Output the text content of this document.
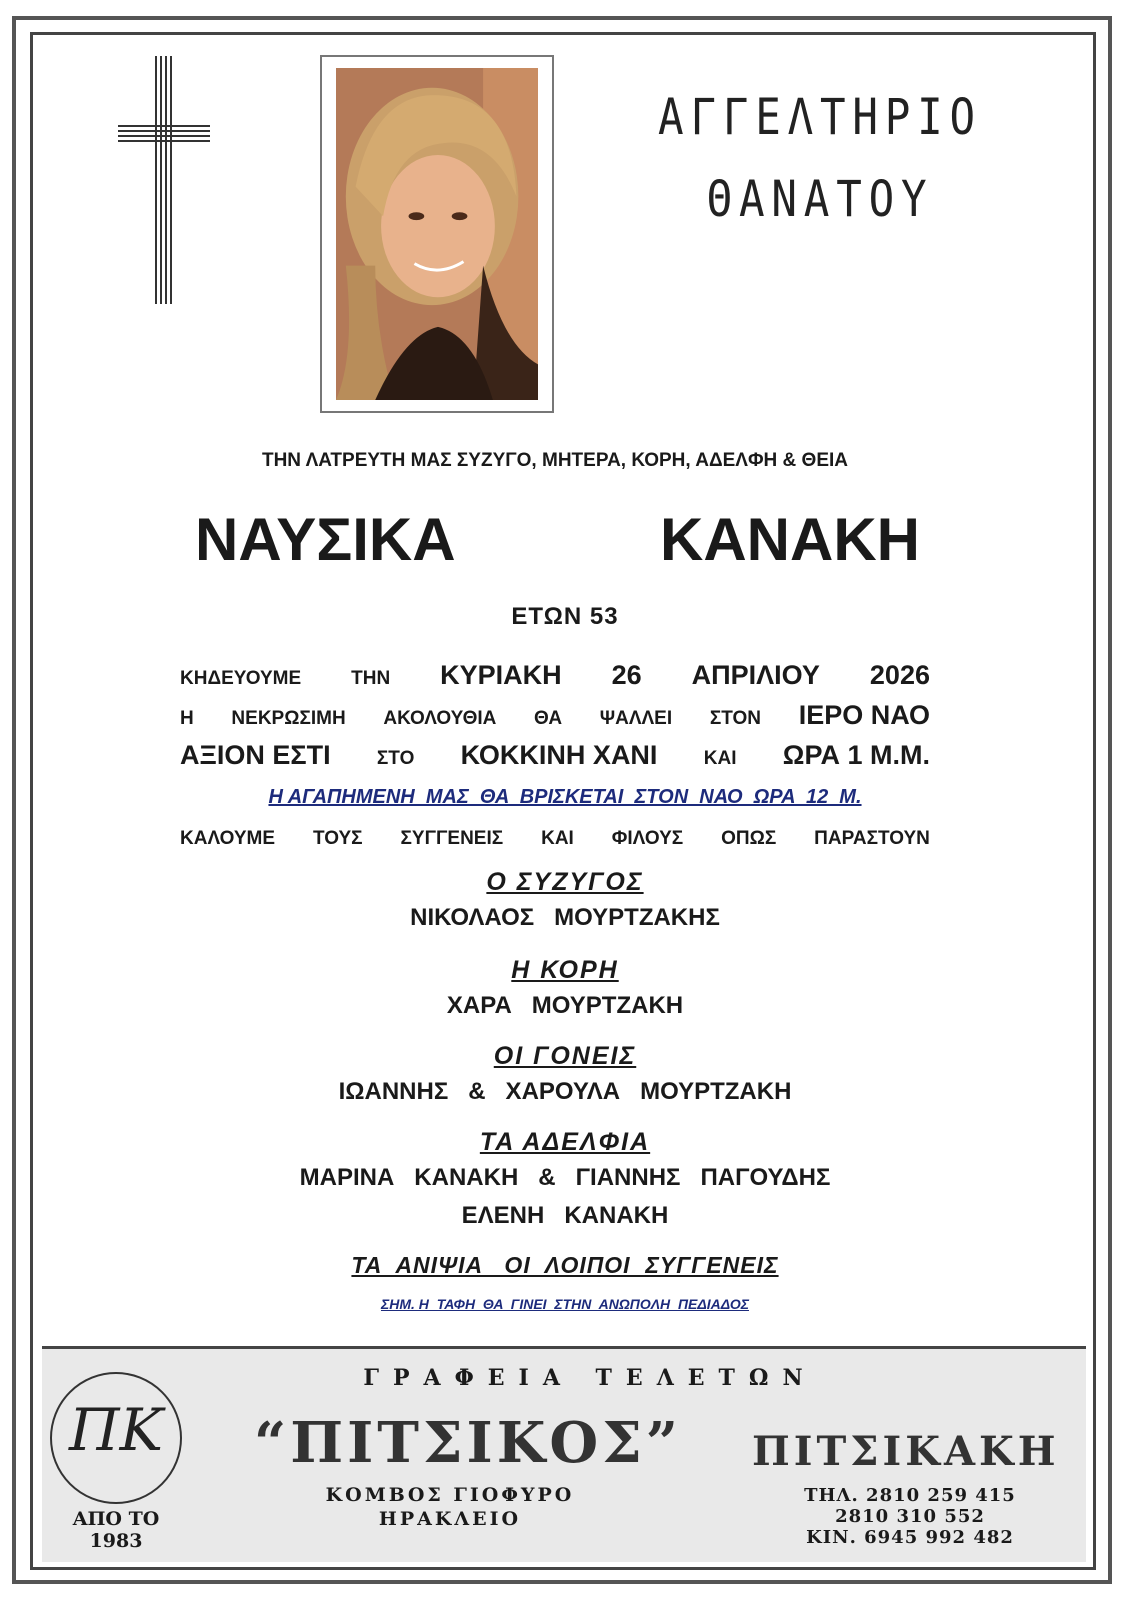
ΑΓΓΕΛΤΗΡΙΟ
ΘΑΝΑΤΟΥ
ΤΗΝ ΛΑΤΡΕΥΤΗ ΜΑΣ ΣΥΖΥΓΟ, ΜΗΤΕΡΑ, ΚΟΡΗ, ΑΔΕΛΦΗ & ΘΕΙΑ
ΝΑΥΣΙΚΑ	ΚΑΝΑΚΗ
ΕΤΩΝ 53
ΚΗΔΕΥΟΥΜΕ	ΤΗΝ ΚΥΡΙΑΚΗ 26 ΑΠΡΙΛΙΟΥ 2026
Η ΝΕΚΡΩΣΙΜΗ ΑΚΟΛΟΥΘΙΑ ΘΑ ΨΑΛΛΕΙ ΣΤΟΝ ΙΕΡΟ ΝΑΟ
ΑΞΙΟΝ ΕΣΤΙ ΣΤΟ ΚΟΚΚΙΝΗ ΧΑΝΙ ΚΑΙ ΩΡΑ 1 Μ.Μ.
Η ΑΓΑΠΗΜΕΝΗ  ΜΑΣ  ΘΑ  ΒΡΙΣΚΕΤΑΙ  ΣΤΟΝ  ΝΑΟ  ΩΡΑ  12  Μ.
ΚΑΛΟΥΜΕ ΤΟΥΣ ΣΥΓΓΕΝΕΙΣ ΚΑΙ ΦΙΛΟΥΣ ΟΠΩΣ ΠΑΡΑΣΤΟΥΝ
Ο ΣΥΖΥΓΟΣ
ΝΙΚΟΛΑΟΣ   ΜΟΥΡΤΖΑΚΗΣ
Η ΚΟΡΗ
ΧΑΡΑ   ΜΟΥΡΤΖΑΚΗ
ΟΙ ΓΟΝΕΙΣ
ΙΩΑΝΝΗΣ   &   ΧΑΡΟΥΛΑ   ΜΟΥΡΤΖΑΚΗ
ΤΑ ΑΔΕΛΦΙΑ
ΜΑΡΙΝΑ   ΚΑΝΑΚΗ   &   ΓΙΑΝΝΗΣ   ΠΑΓΟΥΔΗΣ
ΕΛΕΝΗ   ΚΑΝΑΚΗ
ΤΑ  ΑΝΙΨΙΑ   ΟΙ  ΛΟΙΠΟΙ  ΣΥΓΓΕΝΕΙΣ
ΣΗΜ. Η  ΤΑΦΗ  ΘΑ  ΓΙΝΕΙ  ΣΤΗΝ  ΑΝΩΠΟΛΗ  ΠΕΔΙΑΔΟΣ
ΠΚ
ΑΠΟ ΤΟ
1983
ΓΡΑΦΕΙΑ ΤΕΛΕΤΩΝ
“ΠΙΤΣΙΚΟΣ”
ΚΟΜΒΟΣ ΓΙΟΦΥΡΟ
ΗΡΑΚΛΕΙΟ
ΠΙΤΣΙΚΑΚΗ
ΤΗΛ. 2810 259 415
2810 310 552
ΚΙΝ. 6945 992 482
